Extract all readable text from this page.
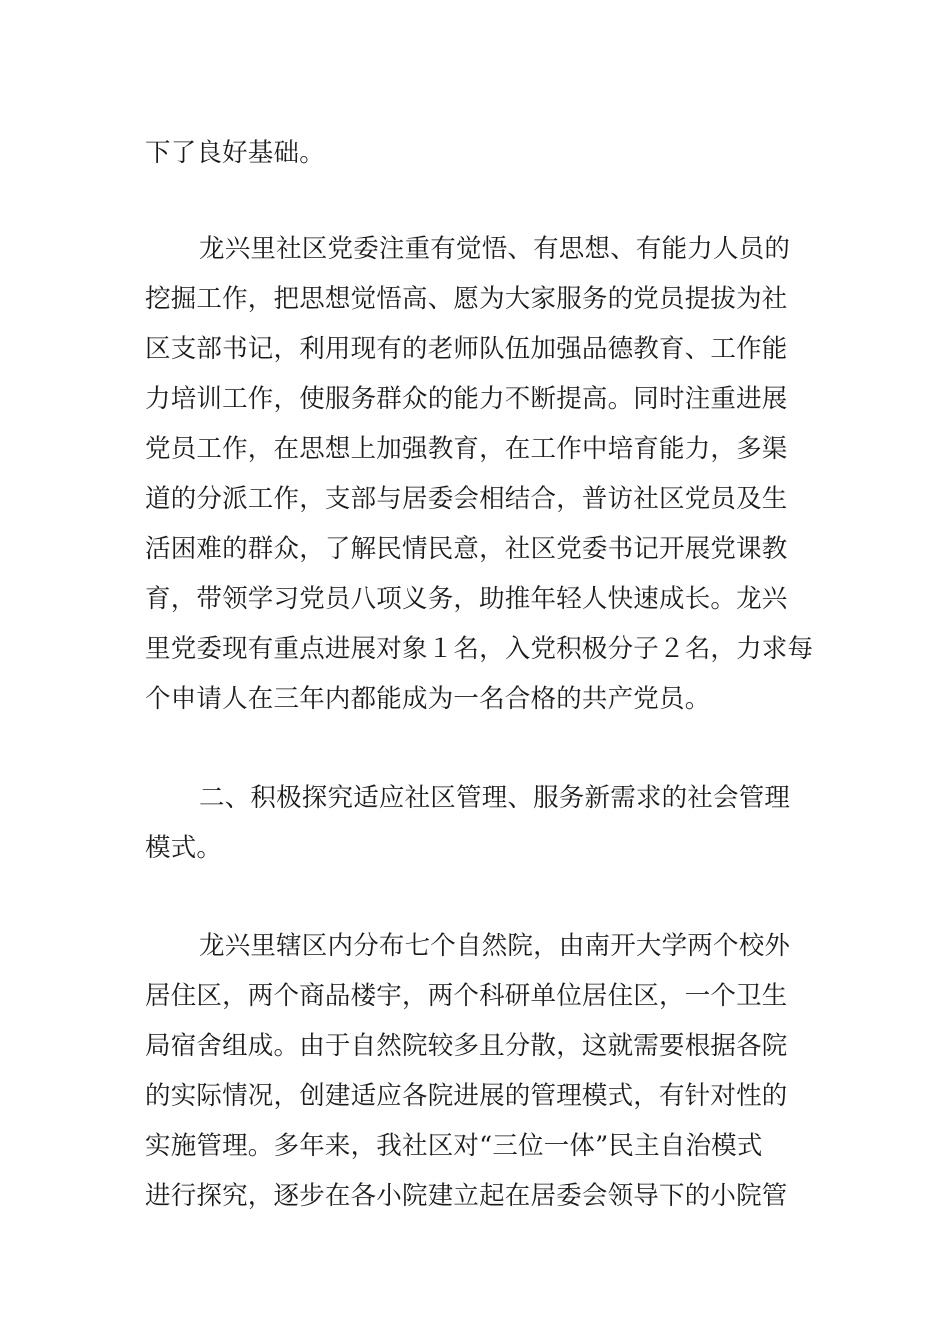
下了良好基础。
龙兴里社区党委注重有觉悟、有思想、有能力人员的
挖掘工作，把思想觉悟高、愿为大家服务的党员提拔为社
区支部书记，利用现有的老师队伍加强品德教育、工作能
力培训工作，使服务群众的能力不断提高。同时注重进展
党员工作，在思想上加强教育，在工作中培育能力，多渠
道的分派工作，支部与居委会相结合，普访社区党员及生
活困难的群众，了解民情民意，社区党委书记开展党课教
育，带领学习党员八项义务，助推年轻人快速成长。龙兴
里党委现有重点进展对象１名，入党积极分子２名，力求每
个申请人在三年内都能成为一名合格的共产党员。
二、积极探究适应社区管理、服务新需求的社会管理
模式。
龙兴里辖区内分布七个自然院，由南开大学两个校外
居住区，两个商品楼宇，两个科研单位居住区，一个卫生
局宿舍组成。由于自然院较多且分散，这就需要根据各院
的实际情况，创建适应各院进展的管理模式，有针对性的
实施管理。多年来，我社区对“三位一体”民主自治模式
进行探究，逐步在各小院建立起在居委会领导下的小院管
